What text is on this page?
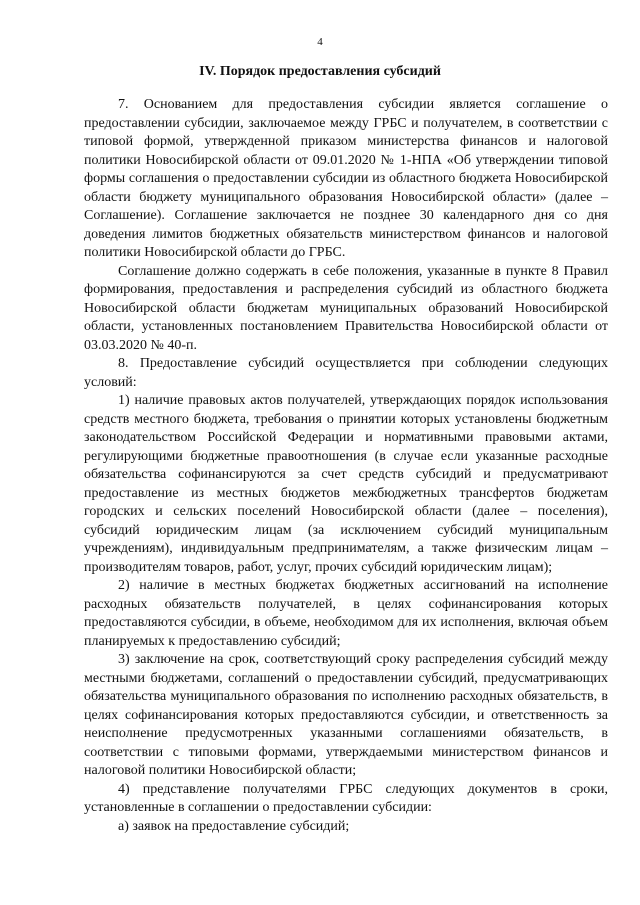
4
IV. Порядок предоставления субсидий

7. Основанием для предоставления субсидии является соглашение о предоставлении субсидии, заключаемое между ГРБС и получателем, в соответствии с типовой формой, утвержденной приказом министерства финансов и налоговой политики Новосибирской области от 09.01.2020 № 1-НПА «Об утверждении типовой формы соглашения о предоставлении субсидии из областного бюджета Новосибирской области бюджету муниципального образования Новосибирской области» (далее – Соглашение). Соглашение заключается не позднее 30 календарного дня со дня доведения лимитов бюджетных обязательств министерством финансов и налоговой политики Новосибирской области до ГРБС.

Соглашение должно содержать в себе положения, указанные в пункте 8 Правил формирования, предоставления и распределения субсидий из областного бюджета Новосибирской области бюджетам муниципальных образований Новосибирской области, установленных постановлением Правительства Новосибирской области от 03.03.2020 № 40-п.

8. Предоставление субсидий осуществляется при соблюдении следующих условий:

1) наличие правовых актов получателей, утверждающих порядок использования средств местного бюджета, требования о принятии которых установлены бюджетным законодательством Российской Федерации и нормативными правовыми актами, регулирующими бюджетные правоотношения (в случае если указанные расходные обязательства софинансируются за счет средств субсидий и предусматривают предоставление из местных бюджетов межбюджетных трансфертов бюджетам городских и сельских поселений Новосибирской области (далее – поселения), субсидий юридическим лицам (за исключением субсидий муниципальным учреждениям), индивидуальным предпринимателям, а также физическим лицам – производителям товаров, работ, услуг, прочих субсидий юридическим лицам);

2) наличие в местных бюджетах бюджетных ассигнований на исполнение расходных обязательств получателей, в целях софинансирования которых предоставляются субсидии, в объеме, необходимом для их исполнения, включая объем планируемых к предоставлению субсидий;

3) заключение на срок, соответствующий сроку распределения субсидий между местными бюджетами, соглашений о предоставлении субсидий, предусматривающих обязательства муниципального образования по исполнению расходных обязательств, в целях софинансирования которых предоставляются субсидии, и ответственность за неисполнение предусмотренных указанными соглашениями обязательств, в соответствии с типовыми формами, утверждаемыми министерством финансов и налоговой политики Новосибирской области;

4) представление получателями ГРБС следующих документов в сроки, установленные в соглашении о предоставлении субсидии:

а) заявок на предоставление субсидий;
